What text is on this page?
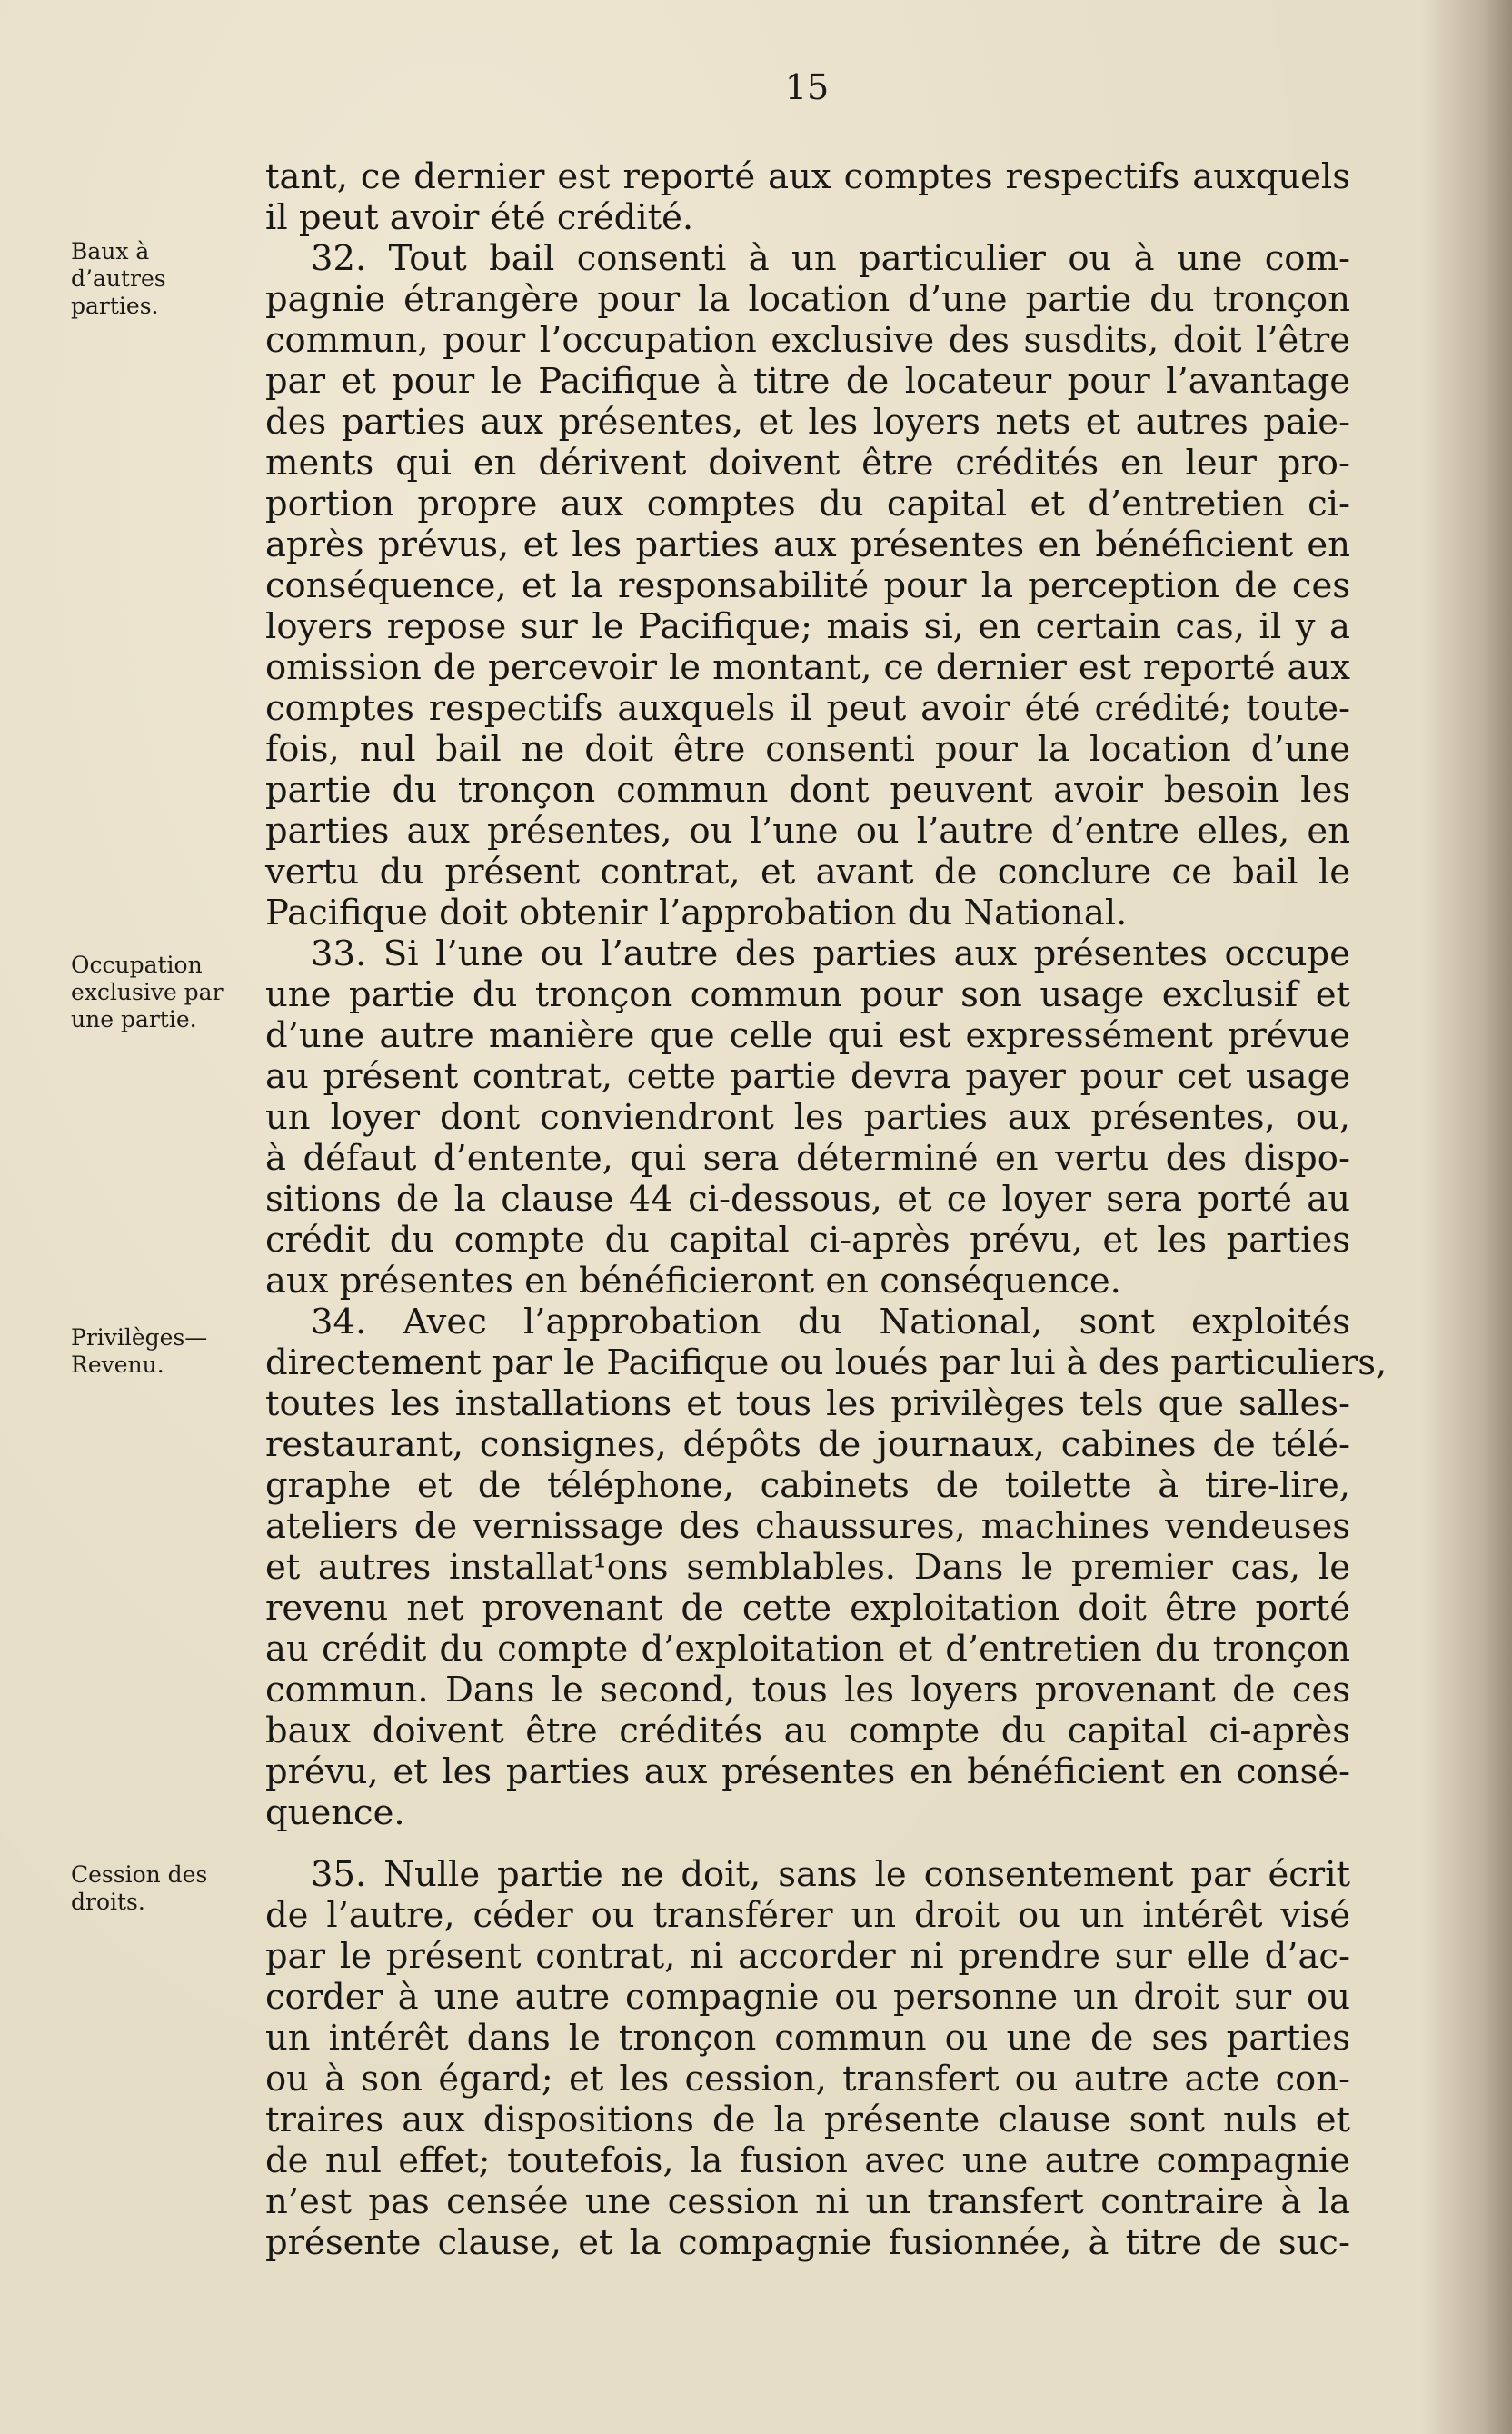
15
Baux à
d’autres
parties.
Occupation
exclusive par
une partie.
Privilèges—
Revenu.
Cession des
droits.
tant, ce dernier est reporté aux comptes respectifs auxquels
il peut avoir été crédité.
32. Tout bail consenti à un particulier ou à une com-
pagnie étrangère pour la location d’une partie du tronçon
commun, pour l’occupation exclusive des susdits, doit l’être
par et pour le Pacifique à titre de locateur pour l’avantage
des parties aux présentes, et les loyers nets et autres paie-
ments qui en dérivent doivent être crédités en leur pro-
portion propre aux comptes du capital et d’entretien ci-
après prévus, et les parties aux présentes en bénéficient en
conséquence, et la responsabilité pour la perception de ces
loyers repose sur le Pacifique; mais si, en certain cas, il y a
omission de percevoir le montant, ce dernier est reporté aux
comptes respectifs auxquels il peut avoir été crédité; toute-
fois, nul bail ne doit être consenti pour la location d’une
partie du tronçon commun dont peuvent avoir besoin les
parties aux présentes, ou l’une ou l’autre d’entre elles, en
vertu du présent contrat, et avant de conclure ce bail le
Pacifique doit obtenir l’approbation du National.
33. Si l’une ou l’autre des parties aux présentes occupe
une partie du tronçon commun pour son usage exclusif et
d’une autre manière que celle qui est expressément prévue
au présent contrat, cette partie devra payer pour cet usage
un loyer dont conviendront les parties aux présentes, ou,
à défaut d’entente, qui sera déterminé en vertu des dispo-
sitions de la clause 44 ci-dessous, et ce loyer sera porté au
crédit du compte du capital ci-après prévu, et les parties
aux présentes en bénéficieront en conséquence.
34. Avec l’approbation du National, sont exploités
directement par le Pacifique ou loués par lui à des particuliers,
toutes les installations et tous les privilèges tels que salles-
restaurant, consignes, dépôts de journaux, cabines de télé-
graphe et de téléphone, cabinets de toilette à tire-lire,
ateliers de vernissage des chaussures, machines vendeuses
et autres installat¹ons semblables. Dans le premier cas, le
revenu net provenant de cette exploitation doit être porté
au crédit du compte d’exploitation et d’entretien du tronçon
commun. Dans le second, tous les loyers provenant de ces
baux doivent être crédités au compte du capital ci-après
prévu, et les parties aux présentes en bénéficient en consé-
quence.
35. Nulle partie ne doit, sans le consentement par écrit
de l’autre, céder ou transférer un droit ou un intérêt visé
par le présent contrat, ni accorder ni prendre sur elle d’ac-
corder à une autre compagnie ou personne un droit sur ou
un intérêt dans le tronçon commun ou une de ses parties
ou à son égard; et les cession, transfert ou autre acte con-
traires aux dispositions de la présente clause sont nuls et
de nul effet; toutefois, la fusion avec une autre compagnie
n’est pas censée une cession ni un transfert contraire à la
présente clause, et la compagnie fusionnée, à titre de suc-
